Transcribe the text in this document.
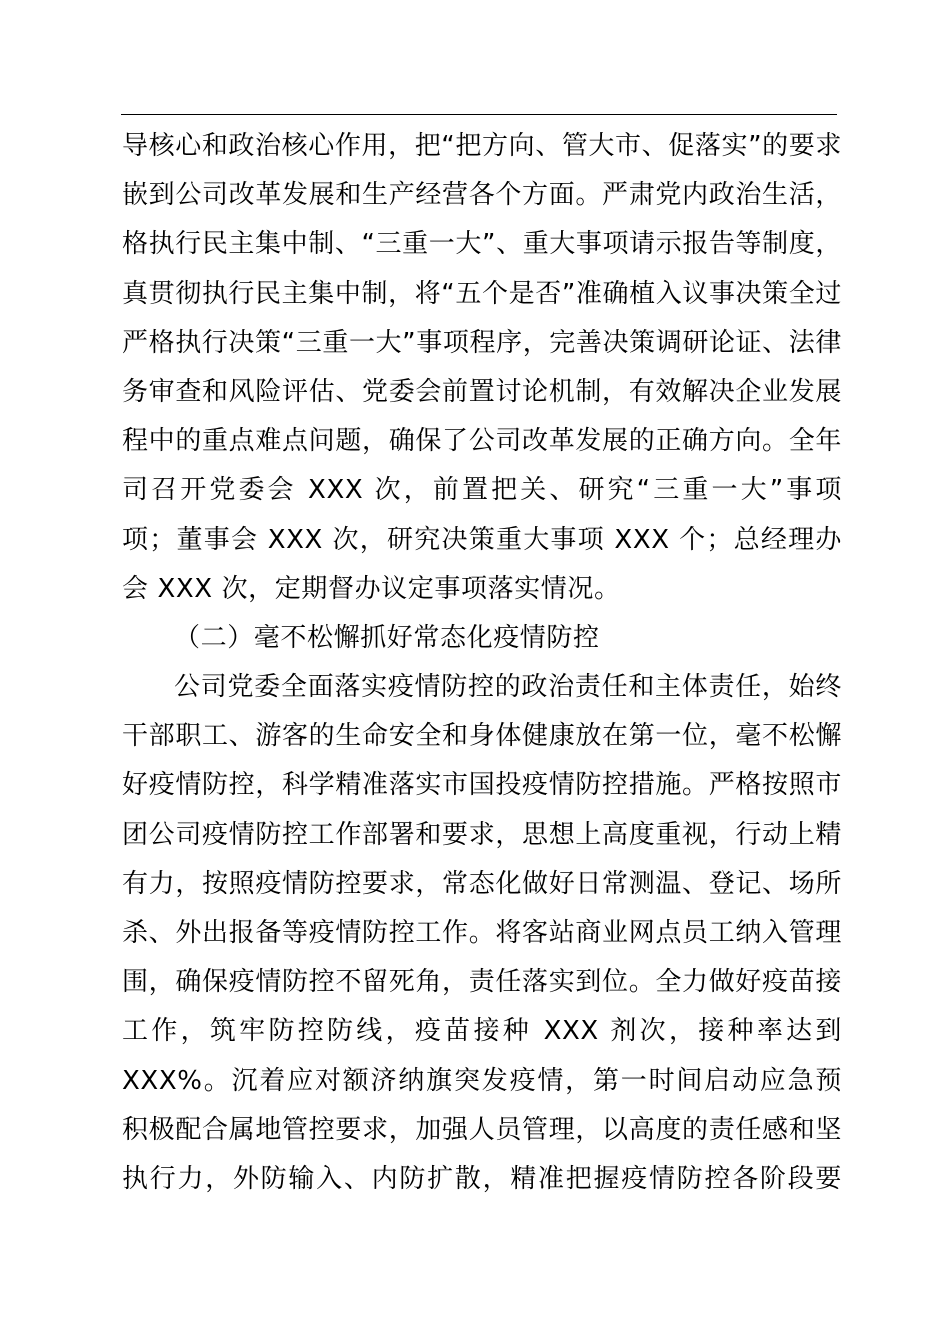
导核心和政治核心作用，把“把方向、管大市、促落实”的要求
嵌到公司改革发展和生产经营各个方面。严肃党内政治生活，
格执行民主集中制、“三重一大”、重大事项请示报告等制度，
真贯彻执行民主集中制，将“五个是否”准确植入议事决策全过
严格执行决策“三重一大”事项程序，完善决策调研论证、法律
务审查和风险评估、党委会前置讨论机制，有效解决企业发展
程中的重点难点问题，确保了公司改革发展的正确方向。全年
司召开党委会 XXX 次，前置把关、研究“三重一大”事项
项；董事会 XXX 次，研究决策重大事项 XXX 个；总经理办
会 XXX 次，定期督办议定事项落实情况。
（二）毫不松懈抓好常态化疫情防控
公司党委全面落实疫情防控的政治责任和主体责任，始终
干部职工、游客的生命安全和身体健康放在第一位，毫不松懈
好疫情防控，科学精准落实市国投疫情防控措施。严格按照市
团公司疫情防控工作部署和要求，思想上高度重视，行动上精
有力，按照疫情防控要求，常态化做好日常测温、登记、场所
杀、外出报备等疫情防控工作。将客站商业网点员工纳入管理
围，确保疫情防控不留死角，责任落实到位。全力做好疫苗接
工作，筑牢防控防线，疫苗接种 XXX 剂次，接种率达到
XXX%。沉着应对额济纳旗突发疫情，第一时间启动应急预
积极配合属地管控要求，加强人员管理，以高度的责任感和坚
执行力，外防输入、内防扩散，精准把握疫情防控各阶段要
